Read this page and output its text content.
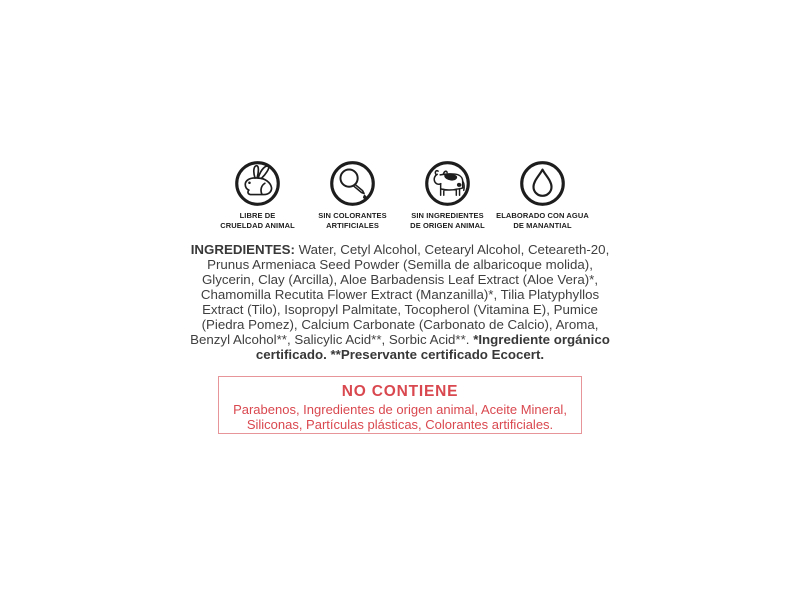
LIBRE DE
CRUELDAD ANIMAL
SIN COLORANTES
ARTIFICIALES
SIN INGREDIENTES
DE ORIGEN ANIMAL
ELABORADO CON AGUA
DE MANANTIAL

INGREDIENTES: Water, Cetyl Alcohol, Cetearyl Alcohol, Ceteareth-20, Prunus Armeniaca Seed Powder (Semilla de albaricoque molida), Glycerin, Clay (Arcilla), Aloe Barbadensis Leaf Extract (Aloe Vera)*, Chamomilla Recutita Flower Extract (Manzanilla)*, Tilia Platyphyllos Extract (Tilo), Isopropyl Palmitate, Tocopherol (Vitamina E), Pumice (Piedra Pomez), Calcium Carbonate (Carbonato de Calcio), Aroma, Benzyl Alcohol**, Salicylic Acid**, Sorbic Acid**. *Ingrediente orgánico certificado. **Preservante certificado Ecocert.

NO CONTIENE

Parabenos, Ingredientes de origen animal, Aceite Mineral, Siliconas, Partículas plásticas, Colorantes artificiales.
